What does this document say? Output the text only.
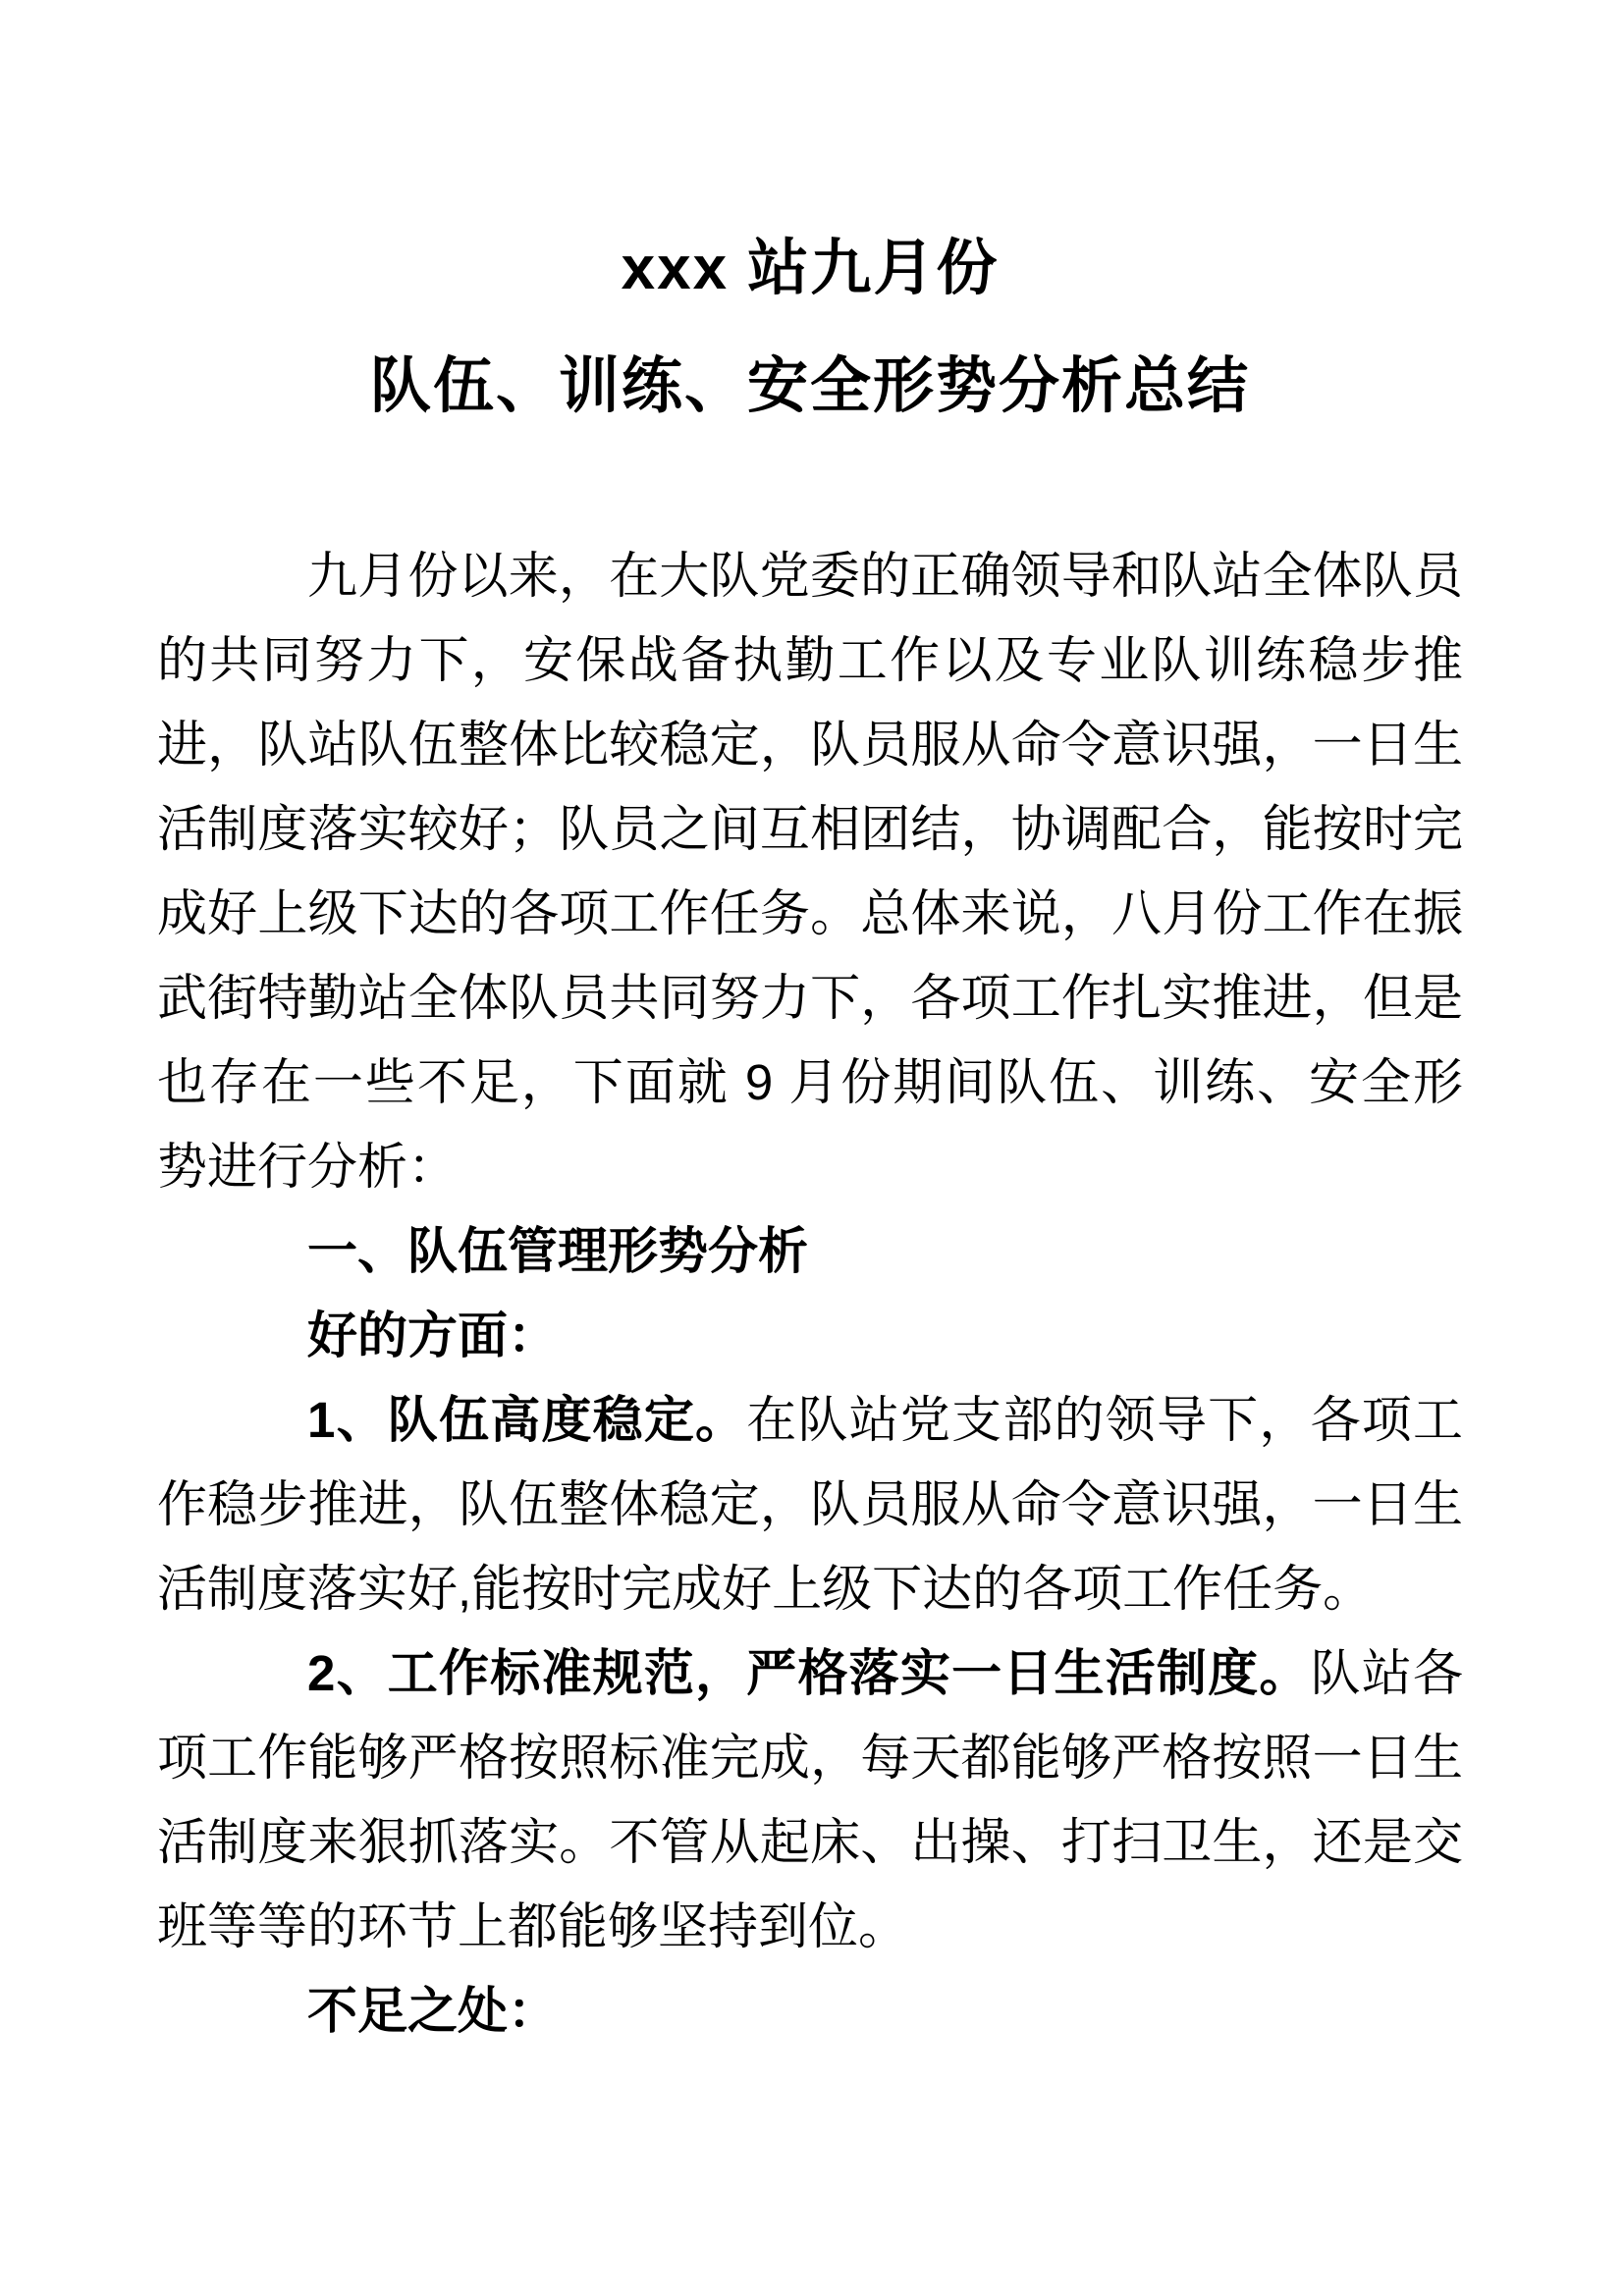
xxx 站九月份
队伍、训练、安全形势分析总结

九月份以来，在大队党委的正确领导和队站全体队员的共同努力下，安保战备执勤工作以及专业队训练稳步推进，队站队伍整体比较稳定，队员服从命令意识强，一日生活制度落实较好；队员之间互相团结，协调配合，能按时完成好上级下达的各项工作任务。总体来说，八月份工作在振武街特勤站全体队员共同努力下，各项工作扎实推进，但是也存在一些不足，下面就 9 月份期间队伍、训练、安全形势进行分析：

一、队伍管理形势分析

好的方面：

1、队伍高度稳定。在队站党支部的领导下，各项工作稳步推进，队伍整体稳定，队员服从命令意识强，一日生活制度落实好,能按时完成好上级下达的各项工作任务。

2、工作标准规范，严格落实一日生活制度。队站各项工作能够严格按照标准完成，每天都能够严格按照一日生活制度来狠抓落实。不管从起床、出操、打扫卫生，还是交班等等的环节上都能够坚持到位。

不足之处：
